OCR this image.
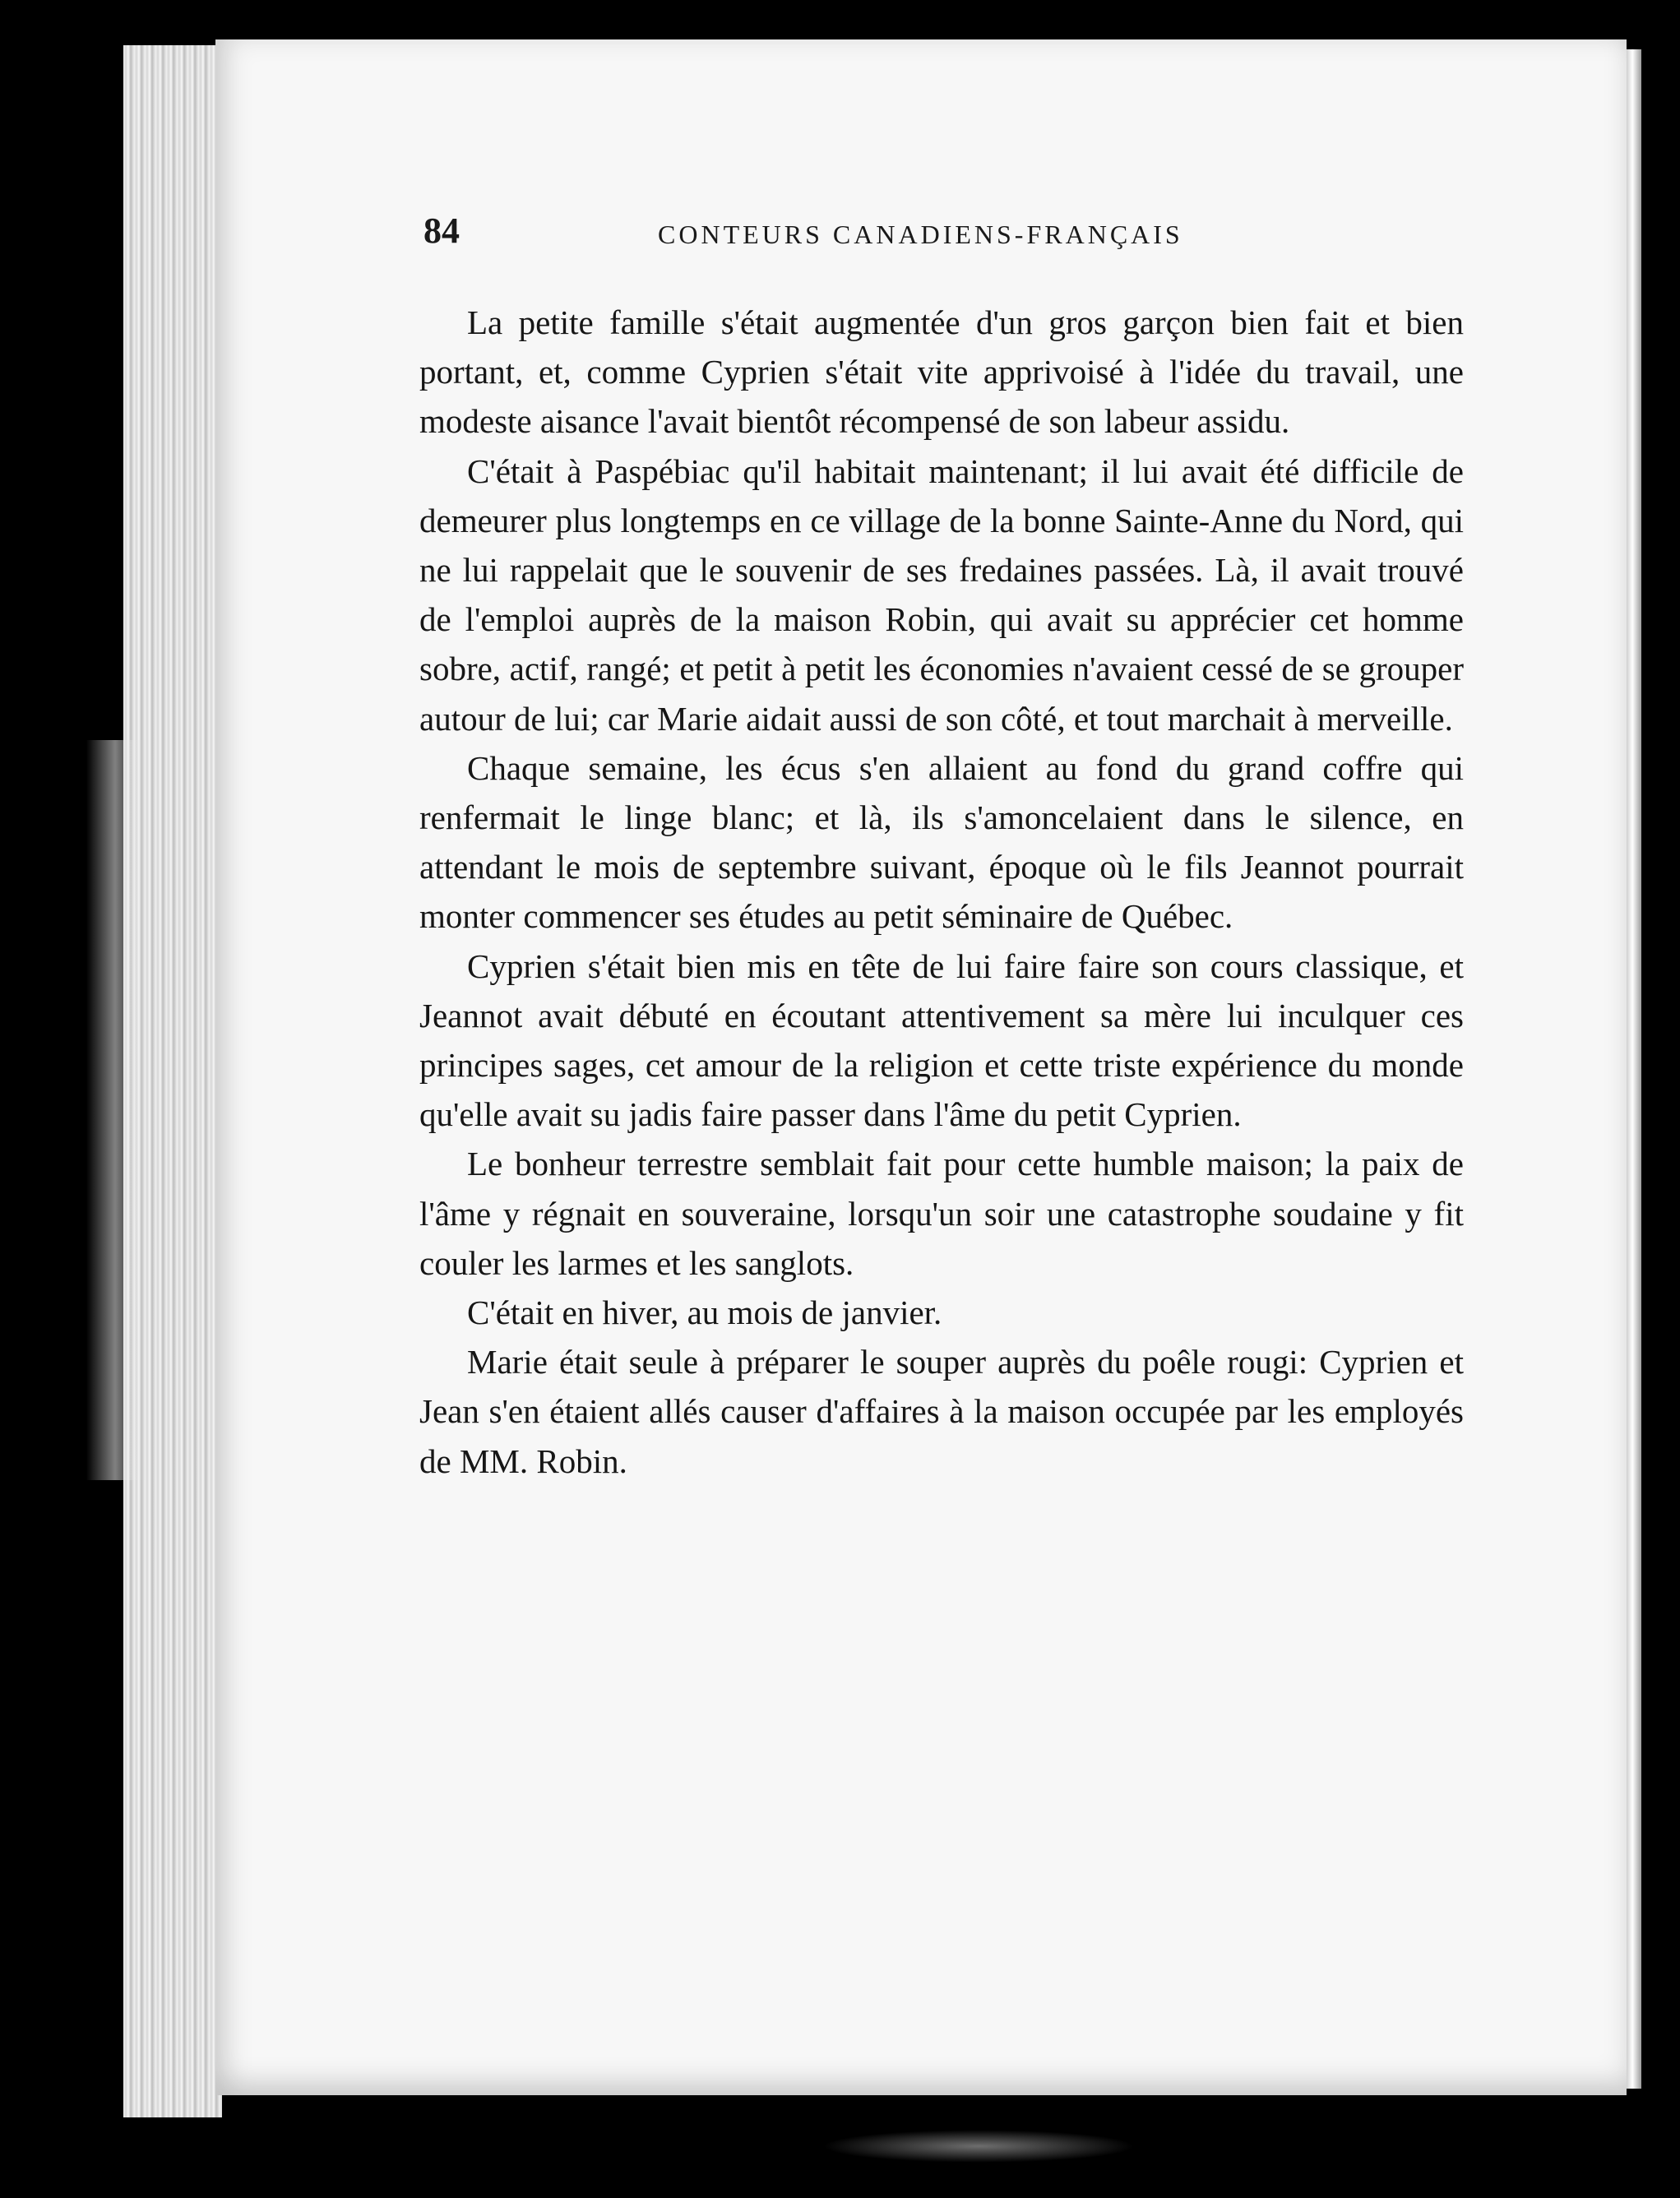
84	CONTEURS CANADIENS-FRANÇAIS

La petite famille s'était augmentée d'un gros garçon bien fait et bien portant, et, comme Cyprien s'était vite apprivoisé à l'idée du travail, une modeste aisance l'avait bientôt récompensé de son labeur assidu.

C'était à Paspébiac qu'il habitait maintenant; il lui avait été difficile de demeurer plus longtemps en ce village de la bonne Sainte-Anne du Nord, qui ne lui rappelait que le souvenir de ses fredaines passées. Là, il avait trouvé de l'emploi auprès de la maison Robin, qui avait su apprécier cet homme sobre, actif, rangé; et petit à petit les économies n'avaient cessé de se grouper autour de lui; car Marie aidait aussi de son côté, et tout marchait à merveille.

Chaque semaine, les écus s'en allaient au fond du grand coffre qui renfermait le linge blanc; et là, ils s'amoncelaient dans le silence, en attendant le mois de septembre suivant, époque où le fils Jeannot pourrait monter commencer ses études au petit séminaire de Québec.

Cyprien s'était bien mis en tête de lui faire faire son cours classique, et Jeannot avait débuté en écoutant attentivement sa mère lui inculquer ces principes sages, cet amour de la religion et cette triste expérience du monde qu'elle avait su jadis faire passer dans l'âme du petit Cyprien.

Le bonheur terrestre semblait fait pour cette humble maison; la paix de l'âme y régnait en souveraine, lorsqu'un soir une catastrophe soudaine y fit couler les larmes et les sanglots.

C'était en hiver, au mois de janvier.

Marie était seule à préparer le souper auprès du poêle rougi: Cyprien et Jean s'en étaient allés causer d'affaires à la maison occupée par les employés de MM. Robin.
